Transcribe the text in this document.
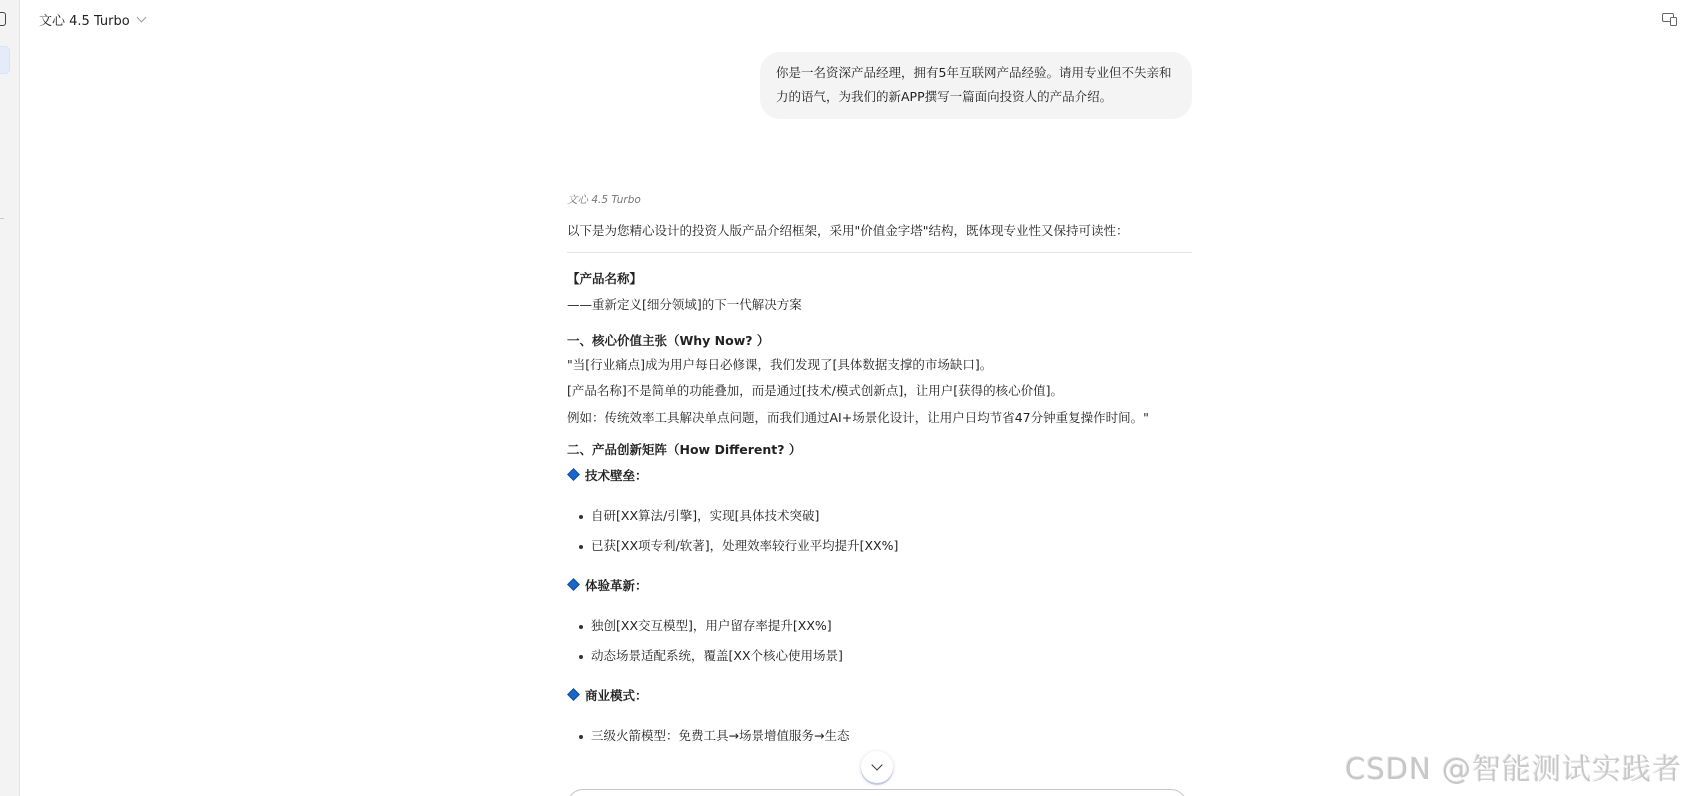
文心 4.5 Turbo
你是一名资深产品经理，拥有5年互联网产品经验。请用专业但不失亲和力的语气，为我们的新APP撰写一篇面向投资人的产品介绍。
文心 4.5 Turbo
以下是为您精心设计的投资人版产品介绍框架，采用"价值金字塔"结构，既体现专业性又保持可读性：
【产品名称】
——重新定义[细分领域]的下一代解决方案
一、核心价值主张（Why Now? ）
"当[行业痛点]成为用户每日必修课，我们发现了[具体数据支撑的市场缺口]。
[产品名称]不是简单的功能叠加，而是通过[技术/模式创新点]，让用户[获得的核心价值]。
例如：传统效率工具解决单点问题，而我们通过AI+场景化设计，让用户日均节省47分钟重复操作时间。"
二、产品创新矩阵（How Different? ）
技术壁垒：
自研[XX算法/引擎]，实现[具体技术突破]
已获[XX项专利/软著]，处理效率较行业平均提升[XX%]
体验革新：
独创[XX交互模型]，用户留存率提升[XX%]
动态场景适配系统，覆盖[XX个核心使用场景]
商业模式：
三级火箭模型：免费工具→场景增值服务→生态
CSDN @智能测试实践者
